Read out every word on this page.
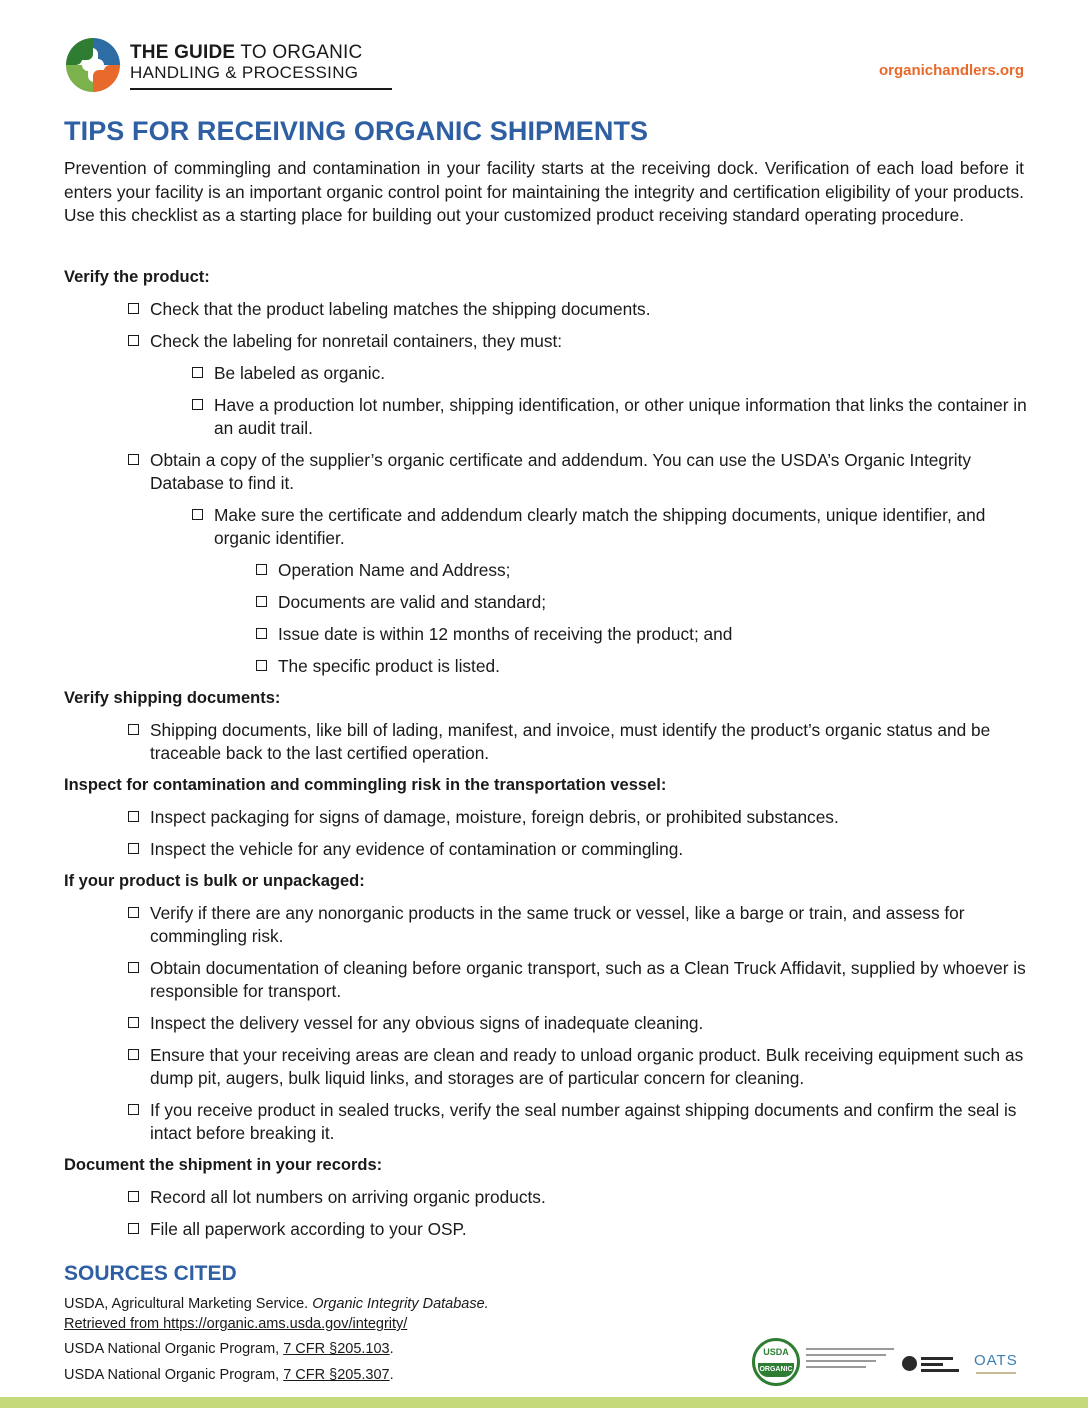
THE GUIDE TO ORGANIC
HANDLING & PROCESSING	organichandlers.org
TIPS FOR RECEIVING ORGANIC SHIPMENTS

Prevention of commingling and contamination in your facility starts at the receiving dock. Verification of each load before it enters your facility is an important organic control point for maintaining the integrity and certification eligibility of your products. Use this checklist as a starting place for building out your customized product receiving standard operating procedure.

Verify the product:
Check that the product labeling matches the shipping documents.
Check the labeling for nonretail containers, they must:
Be labeled as organic.
Have a production lot number, shipping identification, or other unique information that links the container in an audit trail.
Obtain a copy of the supplier’s organic certificate and addendum. You can use the USDA’s Organic Integrity Database to find it.
Make sure the certificate and addendum clearly match the shipping documents, unique identifier, and organic identifier.
Operation Name and Address;
Documents are valid and standard;
Issue date is within 12 months of receiving the product; and
The specific product is listed.
Verify shipping documents:
Shipping documents, like bill of lading, manifest, and invoice, must identify the product’s organic status and be traceable back to the last certified operation.
Inspect for contamination and commingling risk in the transportation vessel:
Inspect packaging for signs of damage, moisture, foreign debris, or prohibited substances.
Inspect the vehicle for any evidence of contamination or commingling.
If your product is bulk or unpackaged:
Verify if there are any nonorganic products in the same truck or vessel, like a barge or train, and assess for commingling risk.
Obtain documentation of cleaning before organic transport, such as a Clean Truck Affidavit, supplied by whoever is responsible for transport.
Inspect the delivery vessel for any obvious signs of inadequate cleaning.
Ensure that your receiving areas are clean and ready to unload organic product. Bulk receiving equipment such as dump pit, augers, bulk liquid links, and storages are of particular concern for cleaning.
If you receive product in sealed trucks, verify the seal number against shipping documents and confirm the seal is intact before breaking it.
Document the shipment in your records:
Record all lot numbers on arriving organic products.
File all paperwork according to your OSP.
SOURCES CITED
USDA, Agricultural Marketing Service. Organic Integrity Database.
Retrieved from https://organic.ams.usda.gov/integrity/
USDA National Organic Program, 7 CFR §205.103.
USDA National Organic Program, 7 CFR §205.307.
USDA
ORGANIC
OATS
